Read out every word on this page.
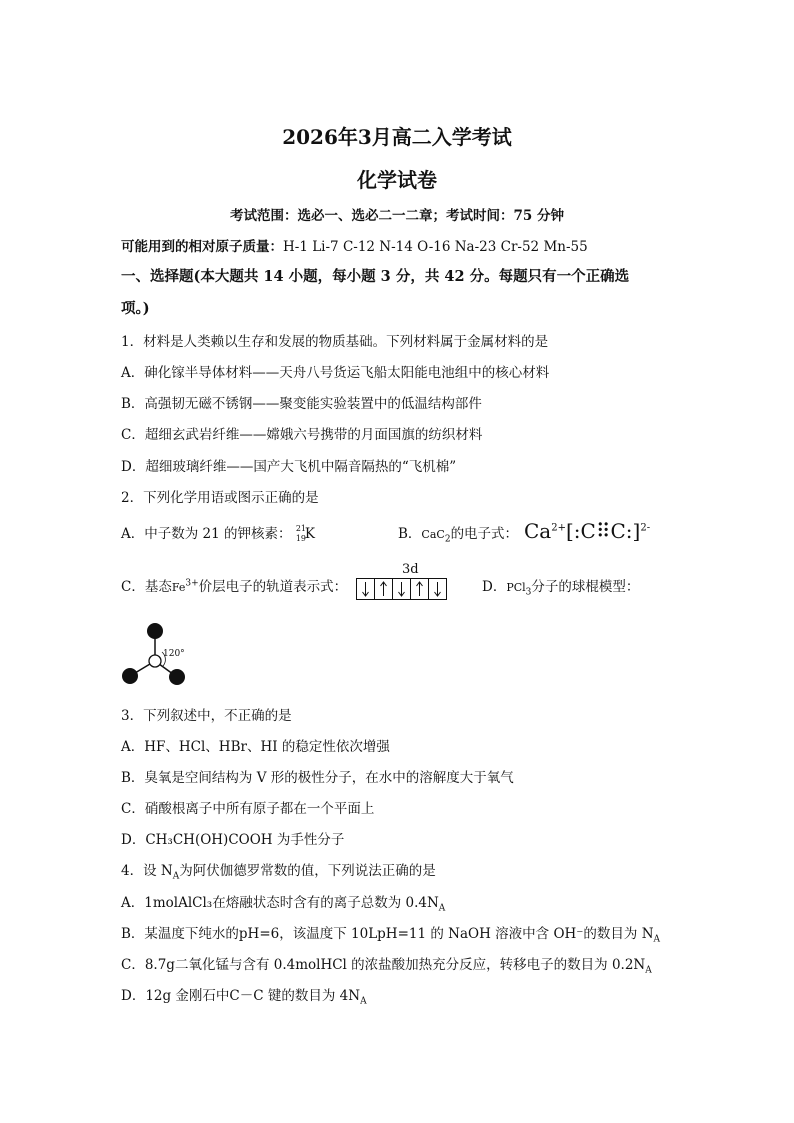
2026年3月高二入学考试
化学试卷
考试范围：选必一、选必二一二章；考试时间：75 分钟
可能用到的相对原子质量：H-1 Li-7 C-12 N-14 O-16 Na-23 Cr-52 Mn-55
一、选择题(本大题共 14 小题，每小题 3 分，共 42 分。每题只有一个正确选
项。)
1．材料是人类赖以生存和发展的物质基础。下列材料属于金属材料的是
A．砷化镓半导体材料——天舟八号货运飞船太阳能电池组中的核心材料
B．高强韧无磁不锈钢——聚变能实验装置中的低温结构部件
C．超细玄武岩纤维——嫦娥六号携带的月面国旗的纺织材料
D．超细玻璃纤维——国产大飞机中隔音隔热的“飞机棉”
2．下列化学用语或图示正确的是
A．中子数为 21 的钾核素： 21
19
K	B．CaC$_2$的电子式： $Ca^{2+}[:C⠿C:]^{2-}$
C．基态$Fe^{3+}$价层电子的轨道表示式：
3d
D．PCl$_3$分子的球棍模型：
120°
3．下列叙述中，不正确的是
A．HF、HCl、HBr、HI 的稳定性依次增强
B．臭氧是空间结构为 V 形的极性分子，在水中的溶解度大于氧气
C．硝酸根离子中所有原子都在一个平面上
D．CH₃CH(OH)COOH 为手性分子
4．设 $N_A$为阿伏伽德罗常数的值，下列说法正确的是
A．1molAlCl₃在熔融状态时含有的离子总数为 $0.4N_A$
B．某温度下纯水的pH=6，该温度下 10LpH=11 的 NaOH 溶液中含 OH⁻的数目为 $N_A$
C．8.7g二氧化锰与含有 0.4molHCl 的浓盐酸加热充分反应，转移电子的数目为 $0.2N_A$
D．12g 金刚石中C－C 键的数目为 $4N_A$
